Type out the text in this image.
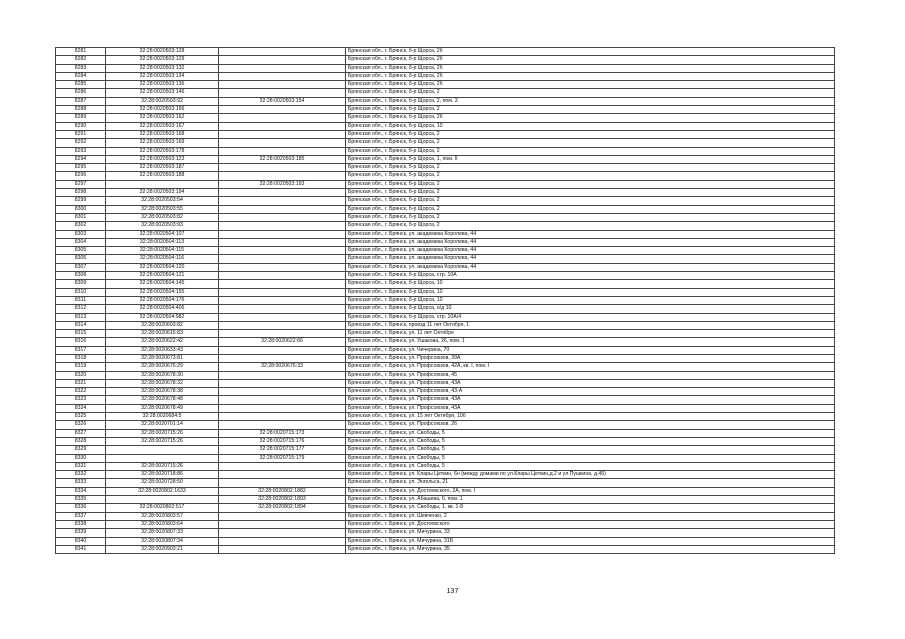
8281	32:28:0020503:128		Брянская обл., г. Брянск, б-р Щорса, 2б
8282	32:28:0020503:129		Брянская обл., г. Брянск, б-р Щорса, 2б
8283	32:28:0020503:132		Брянская обл., г. Брянск, б-р Щорса, 2б
8284	32:28:0020503:134		Брянская обл., г. Брянск, б-р Щорса, 2б
8285	32:28:0020503:136		Брянская обл., г. Брянск, б-р Щорса, 2б
8286	32:28:0020503:146		Брянская обл., г. Брянск, б-р Щорса, 2
8287	32:28:0020503:92	32:28:0020503:154	Брянская обл., г. Брянск, б-р Щорса, 2, пом. 3
8288	32:28:0020503:156		Брянская обл., г. Брянск, б-р Щорса, 2
8289	32:28:0020503:162		Брянская обл., г. Брянск, б-р Щорса, 2б
8290	32:28:0020503:167		Брянская обл., г. Брянск, б-р Щорса, 10
8291	32:28:0020503:168		Брянская обл., г. Брянск, б-р Щорса, 2
8292	32:28:0020503:169		Брянская обл., г. Брянск, б-р Щорса, 2
8293	32:28:0020503:178		Брянская обл., г. Брянск, б-р Щорса, 2
8294	32:28:0020503:123	32:28:0020503:185	Брянская обл., г. Брянск, б-р Щорса, 1, пом. II
8295	32:28:0020503:187		Брянская обл., г. Брянск, б-р Щорса, 2
8296	32:28:0020503:188		Брянская обл., г. Брянск, б-р Щорса, 2
8297		32:28:0020503:193	Брянская обл., г. Брянск, б-р Щорса, 2
8298	32:28:0020503:194		Брянская обл., г. Брянск, б-р Щорса, 2
8299	32:28:0020503:54		Брянская обл., г. Брянск, б-р Щорса, 2
8300	32:28:0020503:55		Брянская обл., г. Брянск, б-р Щорса, 2
8301	32:28:0020503:82		Брянская обл., г. Брянск, б-р Щорса, 2
8302	32:28:0020503:93		Брянская обл., г. Брянск, б-р Щорса, 2
8303	32:28:0020504:107		Брянская обл., г. Брянск, ул. академика Королева, 44
8304	32:28:0020504:113		Брянская обл., г. Брянск, ул. академика Королева, 44
8305	32:28:0020504:115		Брянская обл., г. Брянск, ул. академика Королева, 44
8306	32:28:0020504:116		Брянская обл., г. Брянск, ул. академика Королева, 44
8307	32:28:0020504:120		Брянская обл., г. Брянск, ул. академика Королева, 44
8308	32:28:0020504:121		Брянская обл., г. Брянск, б-р Щорса, стр. 10А
8309	32:28:0020504:145		Брянская обл., г. Брянск, б-р Щорса, 10
8310	32:28:0020504:155		Брянская обл., г. Брянск, б-р Щорса, 10
8311	32:28:0020504:176		Брянская обл., г. Брянск, б-р Щорса, 10
8312	32:28:0020504:406		Брянская обл., г. Брянск, б-р Щорса, о/д 10
8313	32:28:0020504:982		Брянская обл., г. Брянск, б-р Щорса, стр. 10А/4
8314	32:28:0020603:82		Брянская обл., г. Брянск, проезд 11 лет Октября, 1
8315	32:28:0020615:83		Брянская обл., г. Брянск, ул. 11 лет Октября
8316	32:28:0020622:42	32:28:0020622:66	Брянская обл., г. Брянск, ул. Ушакова, 26, пом. 1
8317	32:28:0020633:43		Брянская обл., г. Брянск, ул. Чичерина, 70
8318	32:28:0020673:81		Брянская обл., г. Брянск, ул. Профсоюзов, 39А
8319	32:28:0020676:29	32:28:0020676:33	Брянская обл., г. Брянск, ул. Профсоюзов, 42А, кв. I, пом. I
8320	32:28:0020678:30		Брянская обл., г. Брянск, ул. Профсоюзов, 45
8321	32:28:0020678:32		Брянская обл., г. Брянск, ул. Профсоюзов, 43А
8322	32:28:0020678:38		Брянская обл., г. Брянск, ул. Профсоюзов, 43-А
8323	32:28:0020678:48		Брянская обл., г. Брянск, ул. Профсоюзов, 43А
8324	32:28:0020678:49		Брянская обл., г. Брянск, ул. Профсоюзов, 43А
8325	32:28:0020684:5		Брянская обл., г. Брянск, ул. 15 лет Октября, 10б
8326	32:28:0020701:14		Брянская обл., г. Брянск, ул. Профсоюзов, 26
8327	32:28:0020715:26	32:28:0020715:173	Брянская обл., г. Брянск, ул. Свободы, 5
8328	32:28:0020715:26	32:28:0020715:176	Брянская обл., г. Брянск, ул. Свободы, 5
8329		32:28:0020715:177	Брянская обл., г. Брянск, ул. Свободы, 5
8330		32:28:0020715:179	Брянская обл., г. Брянск, ул. Свободы, 5
8331	32:28:0020715:26		Брянская обл., г. Брянск, ул. Свободы, 5
8332	32:28:0020718:86		Брянская обл., г. Брянск, ул. Клары Цеткин, 6н (между домами по ул.Клары Цеткин,д.2 и ул.Пушкина, д.45)
8333	32:28:0020728:50		Брянская обл., г. Брянск, ул. Энгельса, 21
8334	32:28:0020802:1633	32:28:0020802:1882	Брянская обл., г. Брянск, ул. Достоевского, 2А, пом. I
8335		32:28:0020802:1893	Брянская обл., г. Брянск, ул. Абашева, 6, пом. 1
8336	32:28:0020802:517	32:28:0020802:1894	Брянская обл., г. Брянск, ул. Свободы, 1, кв. 1-8
8337	32:28:0020803:57		Брянская обл., г. Брянск, ул. Шевченко, 2
8338	32:28:0020803:64		Брянская обл., г. Брянск, ул. Достоевского
8339	32:28:0020807:33		Брянская обл., г. Брянск, ул. Мичурина, 33
8340	32:28:0020807:34		Брянская обл., г. Брянск, ул. Мичурина, 31Б
8341	32:28:0020903:21		Брянская обл., г. Брянск, ул. Мичурина, 35
137
